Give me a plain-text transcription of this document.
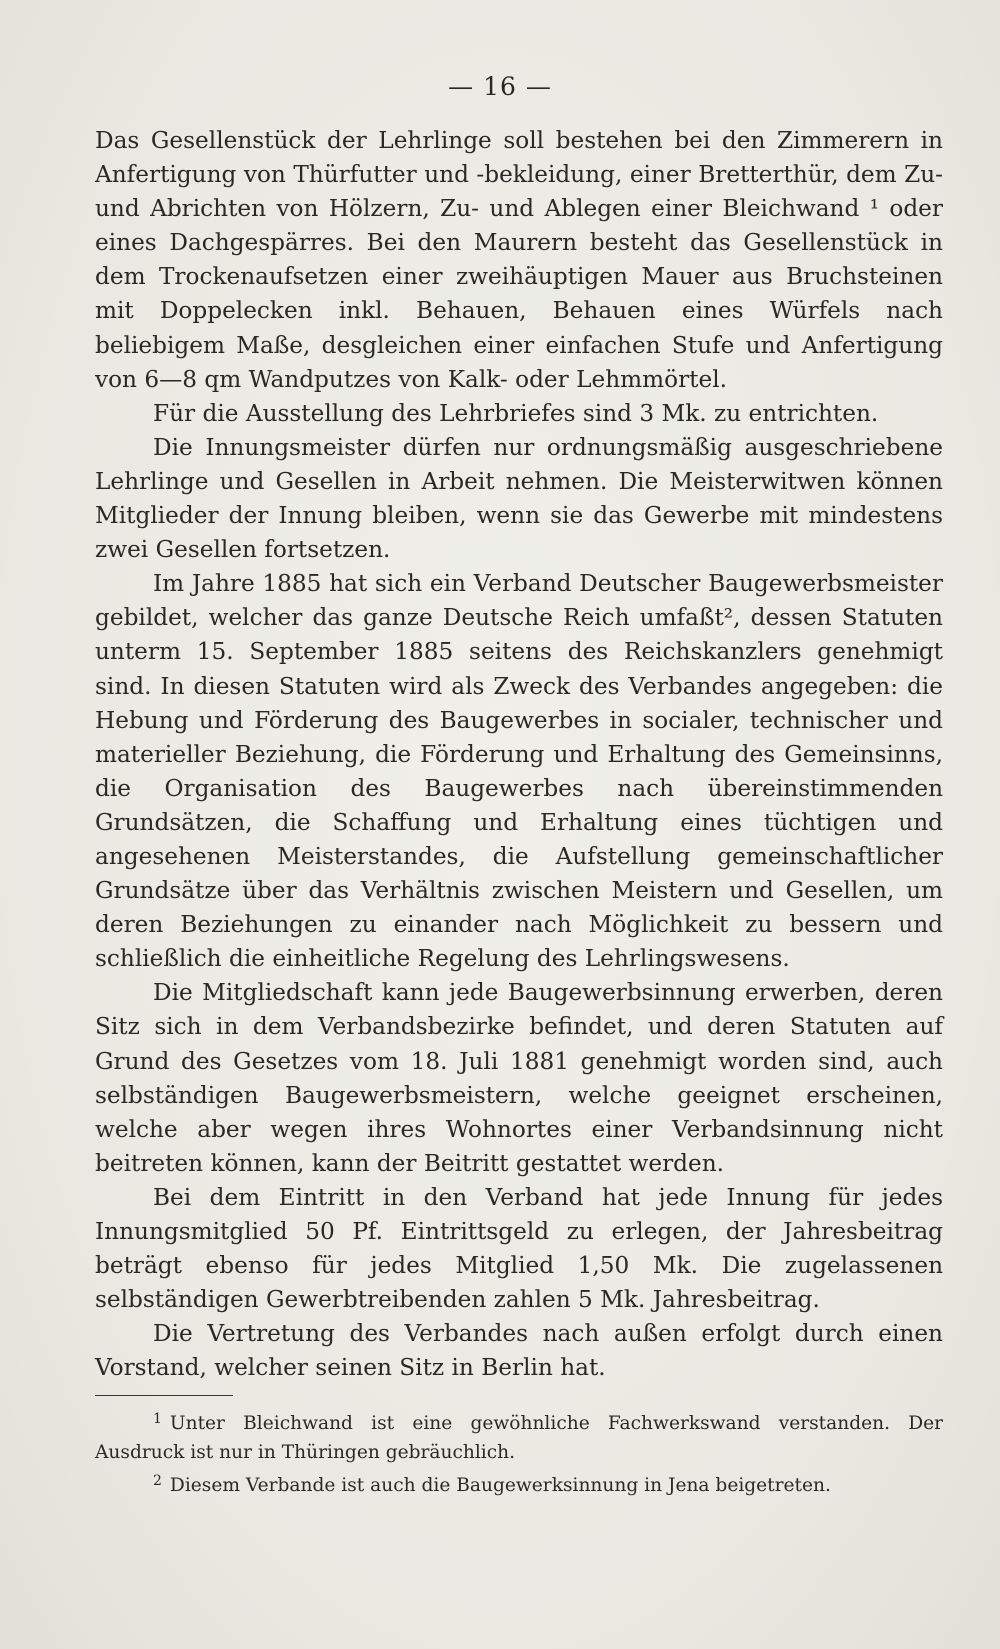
— 16 —

Das Gesellenstück der Lehrlinge soll bestehen bei den Zimmerern in Anfertigung von Thürfutter und -bekleidung, einer Bretterthür, dem Zu- und Abrichten von Hölzern, Zu- und Ablegen einer Bleichwand ¹ oder eines Dachgespärres. Bei den Maurern besteht das Gesellenstück in dem Trockenaufsetzen einer zweihäuptigen Mauer aus Bruchsteinen mit Doppelecken inkl. Behauen, Behauen eines Würfels nach beliebigem Maße, desgleichen einer einfachen Stufe und Anfertigung von 6—8 qm Wandputzes von Kalk- oder Lehmmörtel.

Für die Ausstellung des Lehrbriefes sind 3 Mk. zu entrichten.

Die Innungsmeister dürfen nur ordnungsmäßig ausgeschriebene Lehrlinge und Gesellen in Arbeit nehmen. Die Meisterwitwen können Mitglieder der Innung bleiben, wenn sie das Gewerbe mit mindestens zwei Gesellen fortsetzen.

Im Jahre 1885 hat sich ein Verband Deutscher Baugewerbsmeister gebildet, welcher das ganze Deutsche Reich umfaßt², dessen Statuten unterm 15. September 1885 seitens des Reichskanzlers genehmigt sind. In diesen Statuten wird als Zweck des Verbandes angegeben: die Hebung und Förderung des Baugewerbes in socialer, technischer und materieller Beziehung, die Förderung und Erhaltung des Gemeinsinns, die Organisation des Baugewerbes nach übereinstimmenden Grundsätzen, die Schaffung und Erhaltung eines tüchtigen und angesehenen Meisterstandes, die Aufstellung gemeinschaftlicher Grundsätze über das Verhältnis zwischen Meistern und Gesellen, um deren Beziehungen zu einander nach Möglichkeit zu bessern und schließlich die einheitliche Regelung des Lehrlingswesens.

Die Mitgliedschaft kann jede Baugewerbsinnung erwerben, deren Sitz sich in dem Verbandsbezirke befindet, und deren Statuten auf Grund des Gesetzes vom 18. Juli 1881 genehmigt worden sind, auch selbständigen Baugewerbsmeistern, welche geeignet erscheinen, welche aber wegen ihres Wohnortes einer Verbandsinnung nicht beitreten können, kann der Beitritt gestattet werden.

Bei dem Eintritt in den Verband hat jede Innung für jedes Innungsmitglied 50 Pf. Eintrittsgeld zu erlegen, der Jahresbeitrag beträgt ebenso für jedes Mitglied 1,50 Mk. Die zugelassenen selbständigen Gewerbtreibenden zahlen 5 Mk. Jahresbeitrag.

Die Vertretung des Verbandes nach außen erfolgt durch einen Vorstand, welcher seinen Sitz in Berlin hat.

$^1$ Unter Bleichwand ist eine gewöhnliche Fachwerkswand verstanden. Der Ausdruck ist nur in Thüringen gebräuchlich.

$^2$ Diesem Verbande ist auch die Baugewerksinnung in Jena beigetreten.
